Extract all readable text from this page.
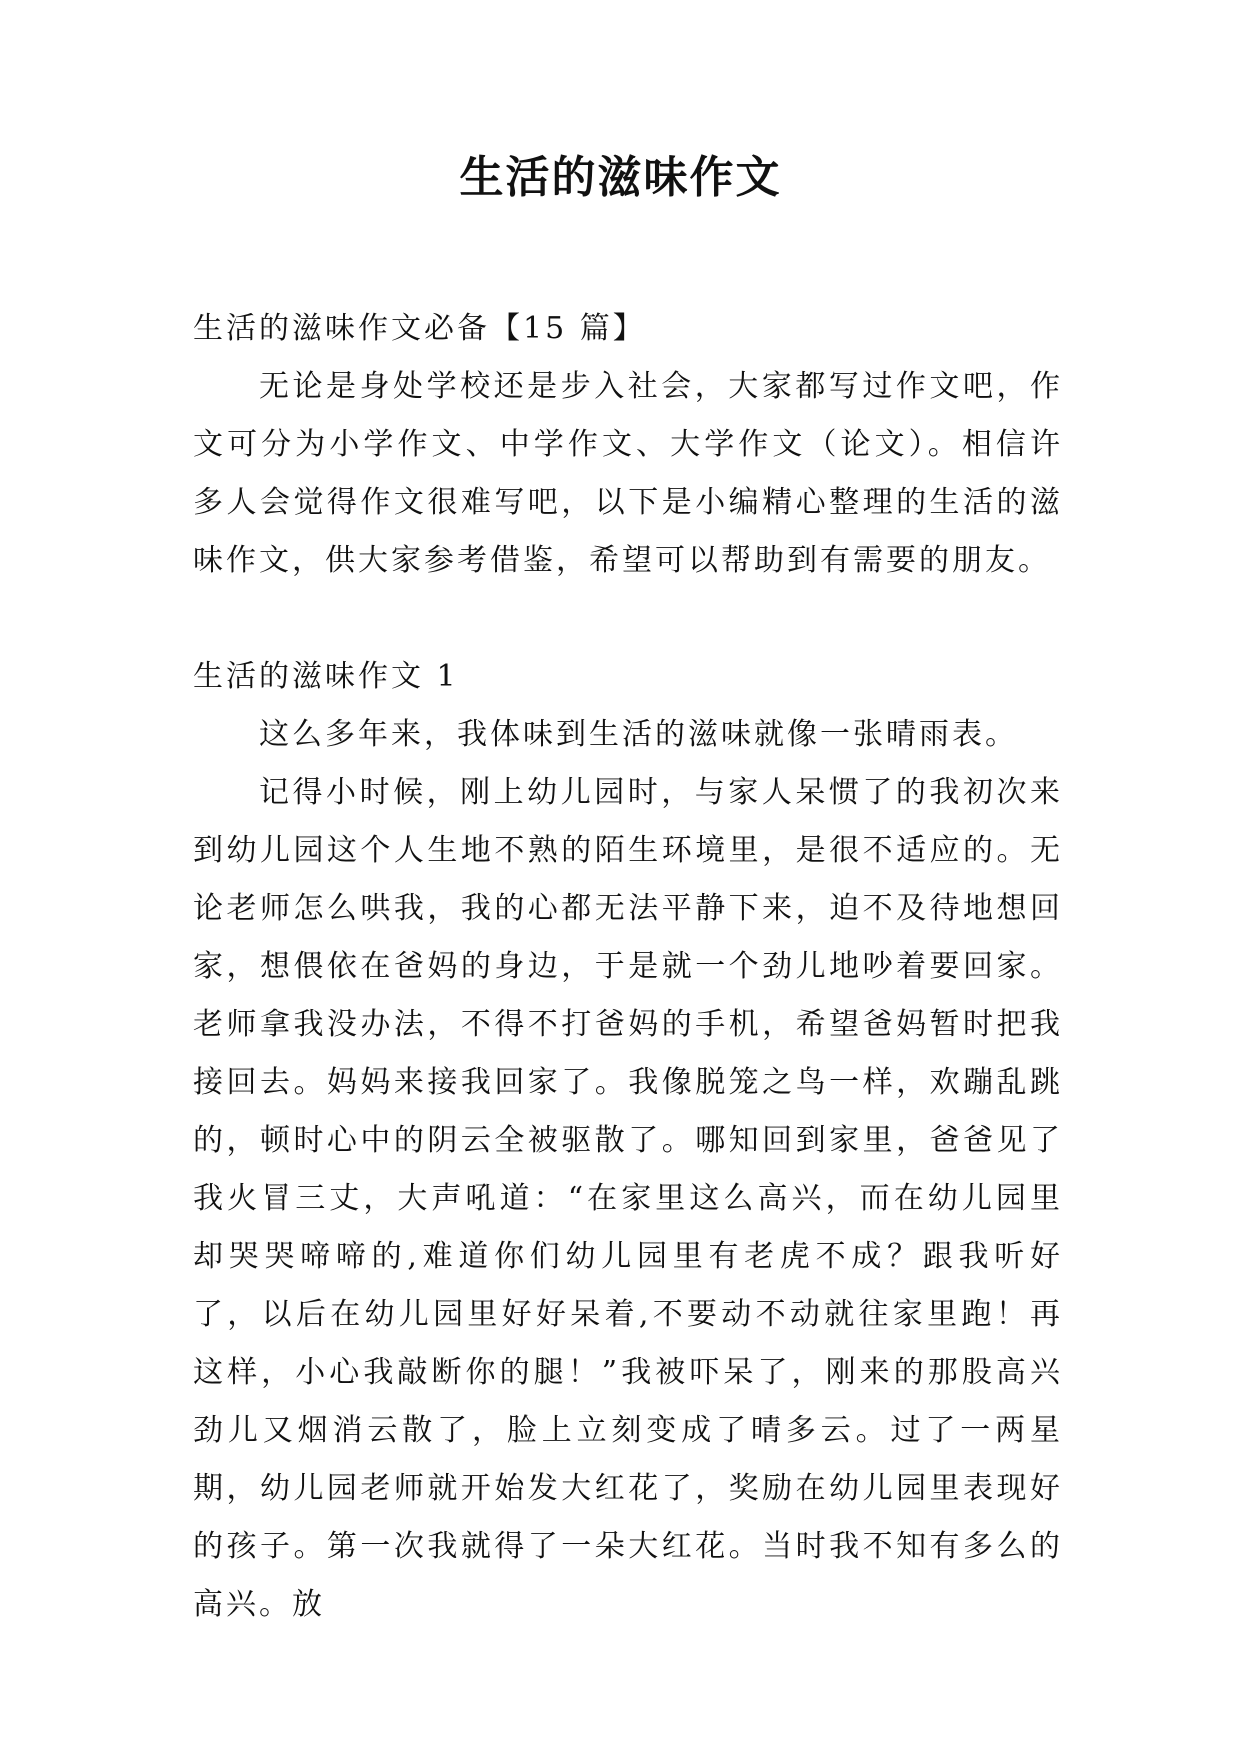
生活的滋味作文

生活的滋味作文必备【15 篇】

无论是身处学校还是步入社会，大家都写过作文吧，作文可分为小学作文、中学作文、大学作文（论文）。相信许多人会觉得作文很难写吧，以下是小编精心整理的生活的滋味作文，供大家参考借鉴，希望可以帮助到有需要的朋友。

生活的滋味作文 1

这么多年来，我体味到生活的滋味就像一张晴雨表。

记得小时候，刚上幼儿园时，与家人呆惯了的我初次来到幼儿园这个人生地不熟的陌生环境里，是很不适应的。无论老师怎么哄我，我的心都无法平静下来，迫不及待地想回家，想偎依在爸妈的身边，于是就一个劲儿地吵着要回家。老师拿我没办法，不得不打爸妈的手机，希望爸妈暂时把我接回去。妈妈来接我回家了。我像脱笼之鸟一样，欢蹦乱跳的，顿时心中的阴云全被驱散了。哪知回到家里，爸爸见了我火冒三丈，大声吼道：“在家里这么高兴，而在幼儿园里却哭哭啼啼的,难道你们幼儿园里有老虎不成？跟我听好了，以后在幼儿园里好好呆着,不要动不动就往家里跑！再这样，小心我敲断你的腿！”我被吓呆了，刚来的那股高兴劲儿又烟消云散了，脸上立刻变成了晴多云。过了一两星期，幼儿园老师就开始发大红花了，奖励在幼儿园里表现好的孩子。第一次我就得了一朵大红花。当时我不知有多么的高兴。放
